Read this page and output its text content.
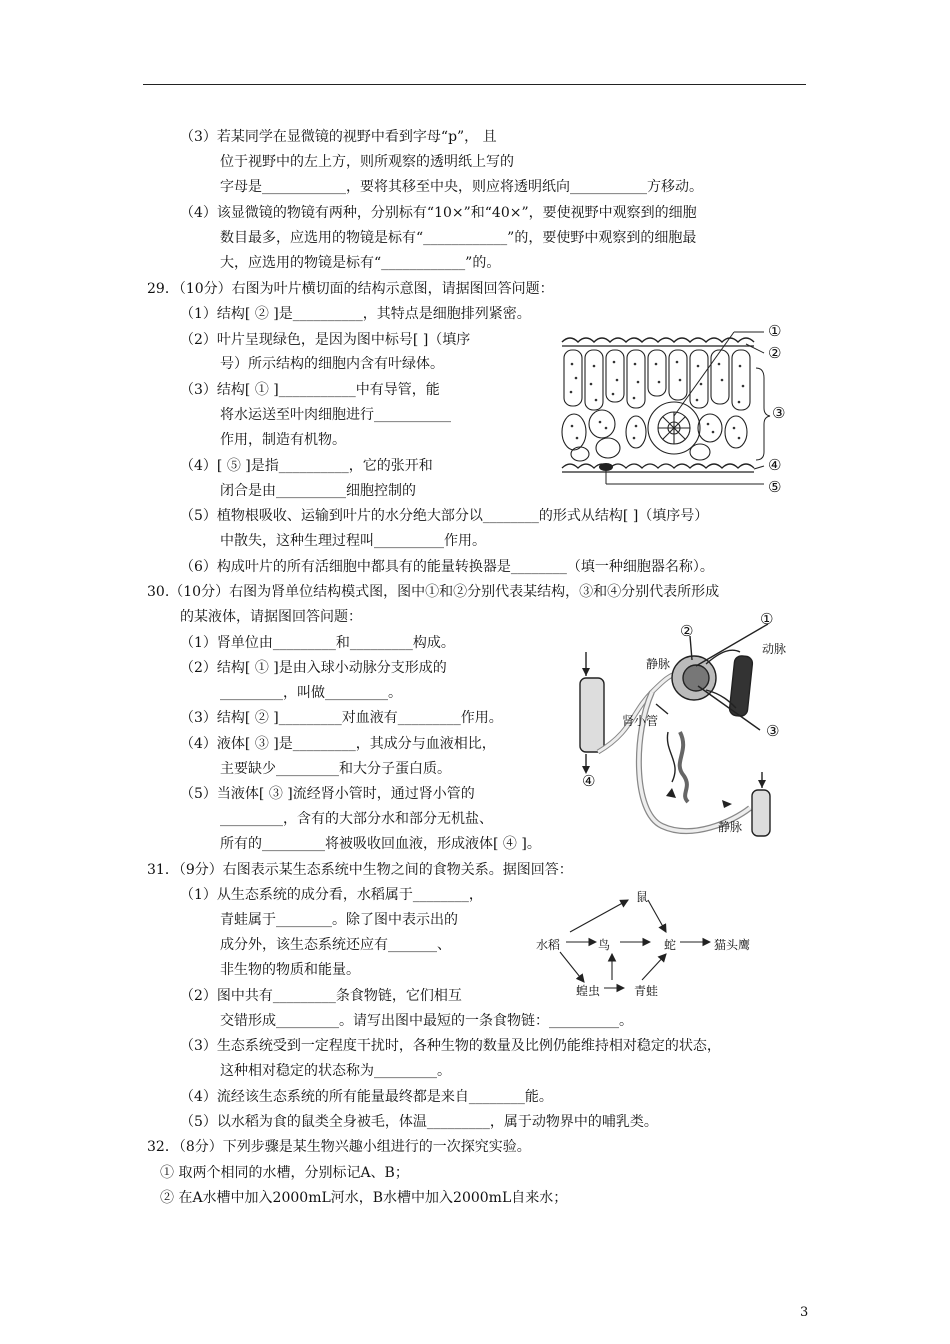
（3）若某同学在显微镜的视野中看到字母“p”， 且
位于视野中的左上方，则所观察的透明纸上写的
字母是____________，要将其移至中央，则应将透明纸向___________方移动。
（4）该显微镜的物镜有两种，分别标有“10×”和“40×”，要使视野中观察到的细胞
数目最多，应选用的物镜是标有“____________”的，要使野中观察到的细胞最
大，应选用的物镜是标有“____________”的。
29．（10分）右图为叶片横切面的结构示意图，请据图回答问题：
（1）结构[ ② ]是__________，其特点是细胞排列紧密。
（2）叶片呈现绿色，是因为图中标号[ ]（填序
号）所示结构的细胞内含有叶绿体。
（3）结构[ ① ]___________中有导管，能
将水运送至叶肉细胞进行___________
作用，制造有机物。
（4）[ ⑤ ]是指__________，它的张开和
闭合是由__________细胞控制的
（5）植物根吸收、运输到叶片的水分绝大部分以________的形式从结构[ ]（填序号）
中散失，这种生理过程叫__________作用。
（6）构成叶片的所有活细胞中都具有的能量转换器是________（填一种细胞器名称）。
30.（10分）右图为肾单位结构模式图，图中①和②分别代表某结构，③和④分别代表所形成
的某液体，请据图回答问题：
（1）肾单位由_________和_________构成。
（2）结构[ ① ]是由入球小动脉分支形成的
_________，叫做_________。
（3）结构[ ② ]_________对血液有_________作用。
（4）液体[ ③ ]是_________，其成分与血液相比，
主要缺少_________和大分子蛋白质。
（5）当液体[ ③ ]流经肾小管时，通过肾小管的
_________，含有的大部分水和部分无机盐、
所有的_________将被吸收回血液，形成液体[ ④ ]。
31．（9分）右图表示某生态系统中生物之间的食物关系。据图回答：
（1）从生态系统的成分看，水稻属于________，
青蛙属于________。除了图中表示出的
成分外，该生态系统还应有_______、
非生物的物质和能量。
（2）图中共有_________条食物链，它们相互
交错形成_________。请写出图中最短的一条食物链：__________。
（3）生态系统受到一定程度干扰时，各种生物的数量及比例仍能维持相对稳定的状态，
这种相对稳定的状态称为_________。
（4）流经该生态系统的所有能量最终都是来自________能。
（5）以水稻为食的鼠类全身被毛，体温_________，属于动物界中的哺乳类。
32．（8分）下列步骤是某生物兴趣小组进行的一次探究实验。
① 取两个相同的水槽，分别标记A、B；
② 在A水槽中加入2000mL河水，B水槽中加入2000mL自来水；
①
②
③
④
⑤
①
②
③
④
动脉
静脉
肾小管
静脉
鼠
水稻	鸟	蛇	猫头鹰
蝗虫	青蛙
3
